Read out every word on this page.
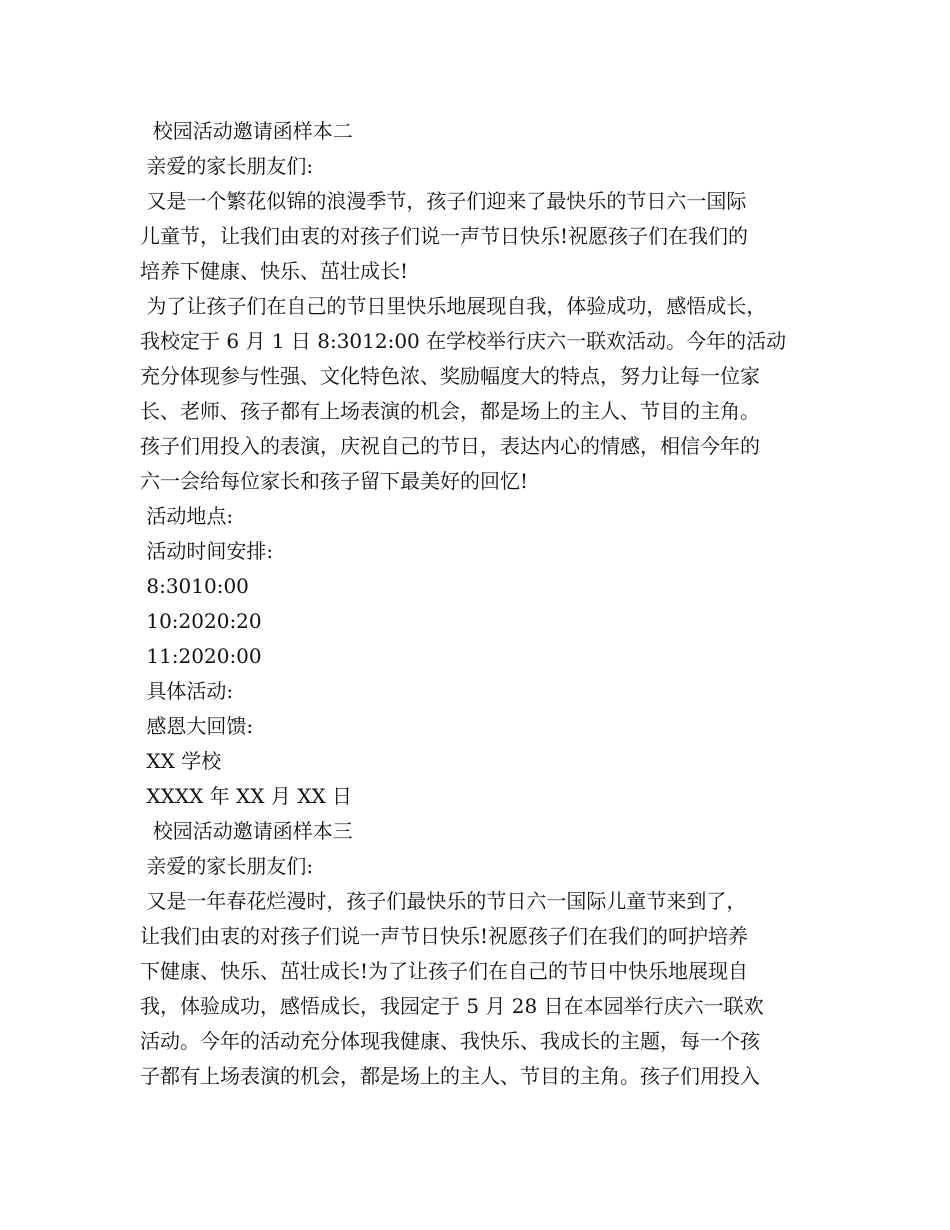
校园活动邀请函样本二
亲爱的家长朋友们:
又是一个繁花似锦的浪漫季节，孩子们迎来了最快乐的节日六一国际
儿童节，让我们由衷的对孩子们说一声节日快乐!祝愿孩子们在我们的
培养下健康、快乐、茁壮成长!
为了让孩子们在自己的节日里快乐地展现自我，体验成功，感悟成长，
我校定于 6 月 1 日 8:3012:00 在学校举行庆六一联欢活动。今年的活动
充分体现参与性强、文化特色浓、奖励幅度大的特点，努力让每一位家
长、老师、孩子都有上场表演的机会，都是场上的主人、节目的主角。
孩子们用投入的表演，庆祝自己的节日，表达内心的情感，相信今年的
六一会给每位家长和孩子留下最美好的回忆!
活动地点:
活动时间安排:
8:3010:00
10:2020:20
11:2020:00
具体活动:
感恩大回馈:
XX 学校
XXXX 年 XX 月 XX 日
校园活动邀请函样本三
亲爱的家长朋友们:
又是一年春花烂漫时，孩子们最快乐的节日六一国际儿童节来到了，
让我们由衷的对孩子们说一声节日快乐!祝愿孩子们在我们的呵护培养
下健康、快乐、茁壮成长!为了让孩子们在自己的节日中快乐地展现自
我，体验成功，感悟成长，我园定于 5 月 28 日在本园举行庆六一联欢
活动。今年的活动充分体现我健康、我快乐、我成长的主题，每一个孩
子都有上场表演的机会，都是场上的主人、节目的主角。孩子们用投入
